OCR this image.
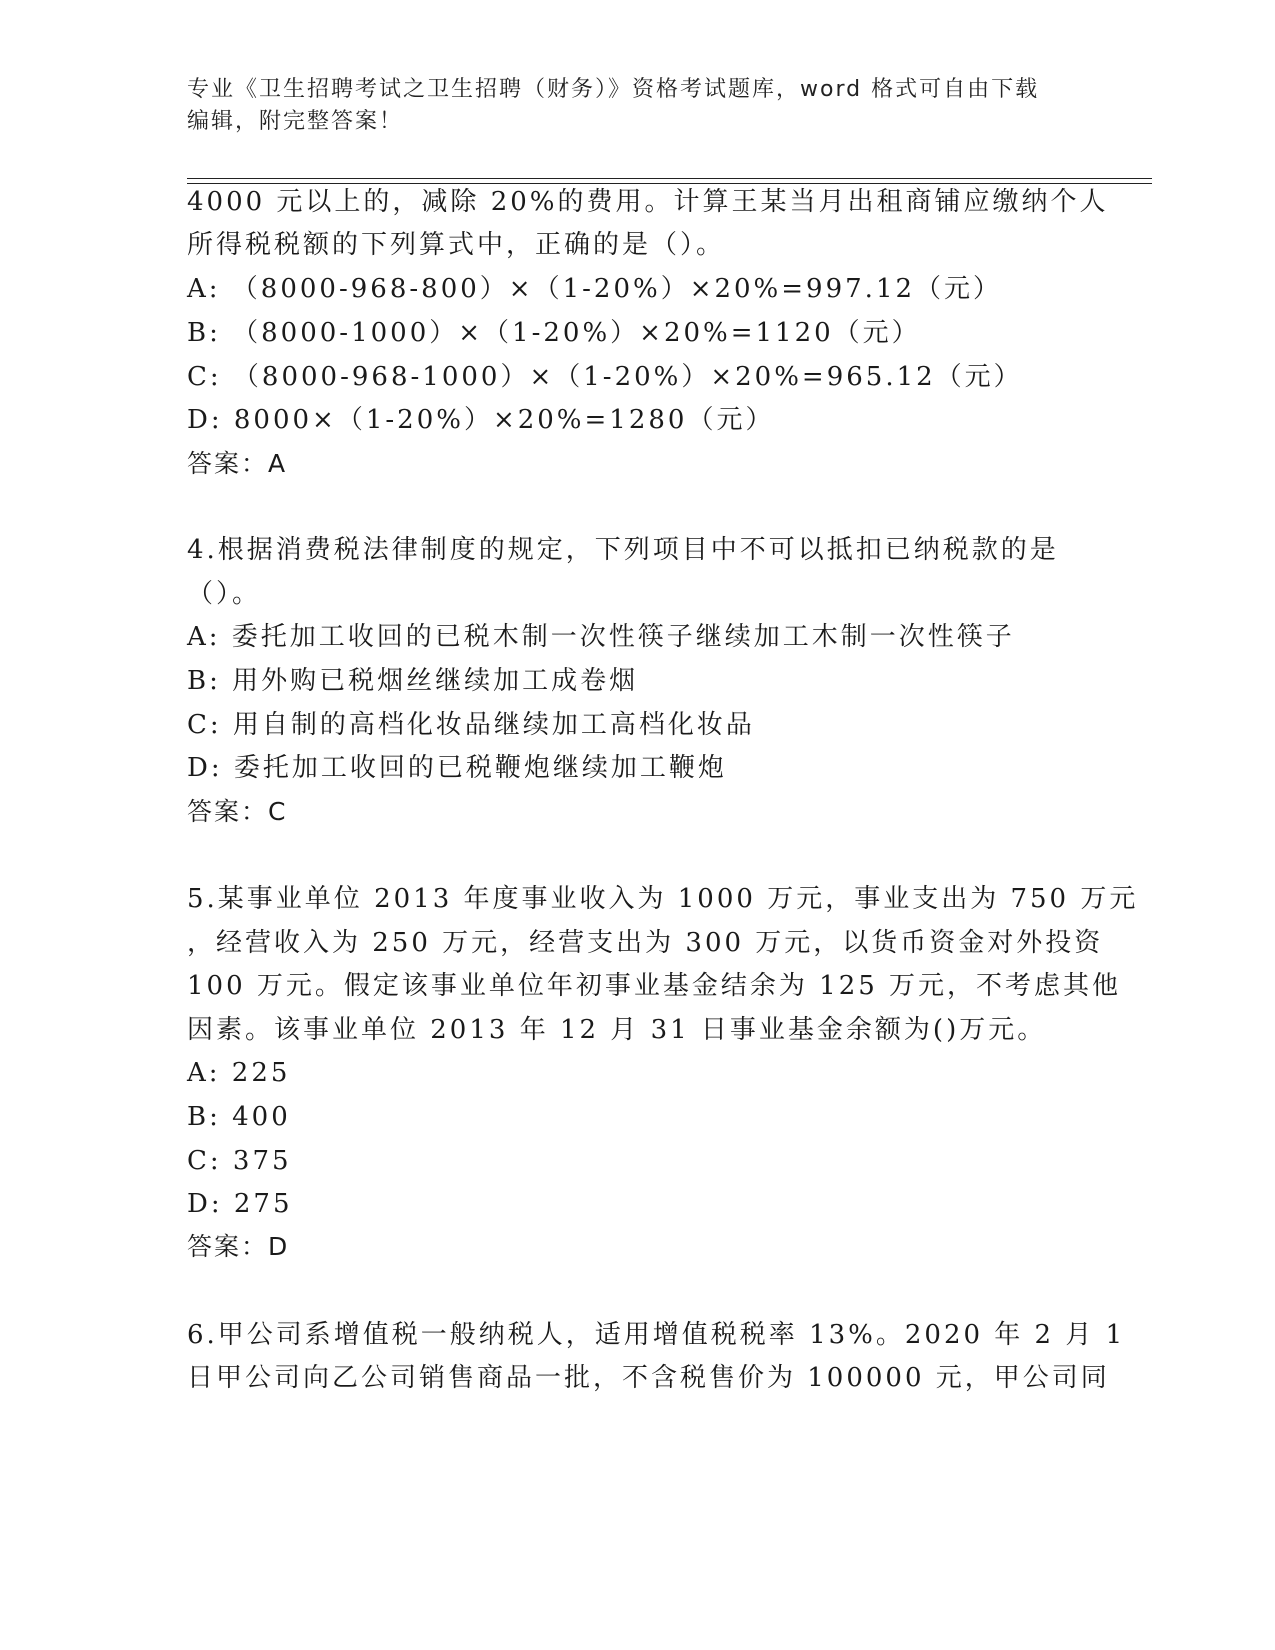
专业《卫生招聘考试之卫生招聘（财务）》资格考试题库，word 格式可自由下载
编辑，附完整答案！
4000 元以上的，减除 20%的费用。计算王某当月出租商铺应缴纳个人
所得税税额的下列算式中，正确的是（）。
A: （8000-968-800）×（1-20%）×20%=997.12（元）
B: （8000-1000）×（1-20%）×20%=1120（元）
C: （8000-968-1000）×（1-20%）×20%=965.12（元）
D: 8000×（1-20%）×20%=1280（元）
答案：A
4.根据消费税法律制度的规定，下列项目中不可以抵扣已纳税款的是
（）。
A: 委托加工收回的已税木制一次性筷子继续加工木制一次性筷子
B: 用外购已税烟丝继续加工成卷烟
C: 用自制的高档化妆品继续加工高档化妆品
D: 委托加工收回的已税鞭炮继续加工鞭炮
答案：C
5.某事业单位 2013 年度事业收入为 1000 万元，事业支出为 750 万元
，经营收入为 250 万元，经营支出为 300 万元，以货币资金对外投资
100 万元。假定该事业单位年初事业基金结余为 125 万元，不考虑其他
因素。该事业单位 2013 年 12 月 31 日事业基金余额为()万元。
A: 225
B: 400
C: 375
D: 275
答案：D
6.甲公司系增值税一般纳税人，适用增值税税率 13%。2020 年 2 月 1
日甲公司向乙公司销售商品一批，不含税售价为 100000 元，甲公司同
